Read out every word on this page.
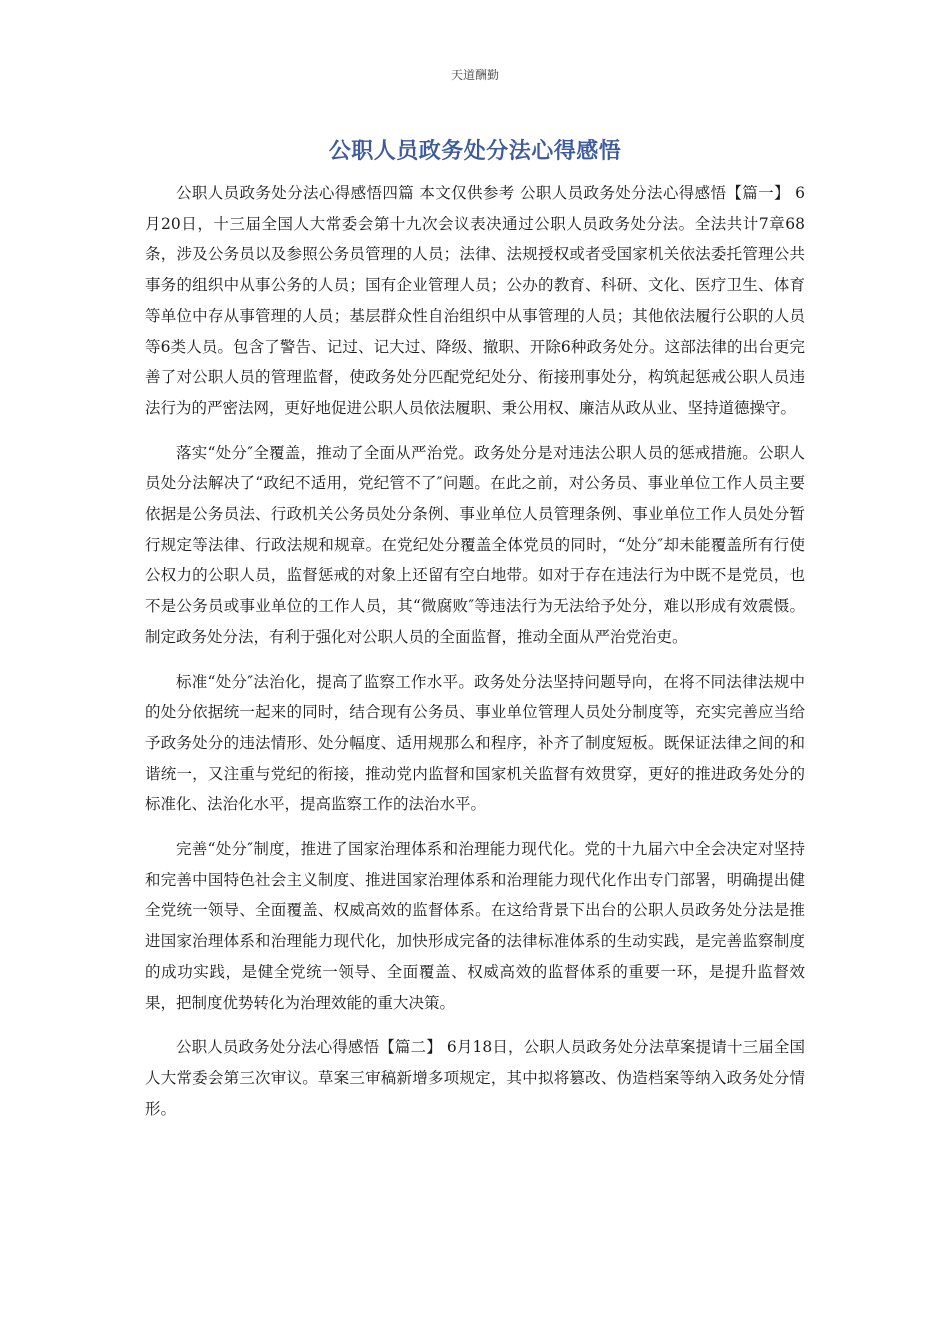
天道酬勤
公职人员政务处分法心得感悟

公职人员政务处分法心得感悟四篇 本文仅供参考 公职人员政务处分法心得感悟【篇一】 6月20日，十三届全国人大常委会第十九次会议表决通过公职人员政务处分法。全法共计7章68条，涉及公务员以及参照公务员管理的人员；法律、法规授权或者受国家机关依法委托管理公共事务的组织中从事公务的人员；国有企业管理人员；公办的教育、科研、文化、医疗卫生、体育等单位中存从事管理的人员；基层群众性自治组织中从事管理的人员；其他依法履行公职的人员等6类人员。包含了警告、记过、记大过、降级、撤职、开除6种政务处分。这部法律的出台更完善了对公职人员的管理监督，使政务处分匹配党纪处分、衔接刑事处分，构筑起惩戒公职人员违法行为的严密法网，更好地促进公职人员依法履职、秉公用权、廉洁从政从业、坚持道德操守。

落实“处分″全覆盖，推动了全面从严治党。政务处分是对违法公职人员的惩戒措施。公职人员处分法解决了“政纪不适用，党纪管不了″问题。在此之前，对公务员、事业单位工作人员主要依据是公务员法、行政机关公务员处分条例、事业单位人员管理条例、事业单位工作人员处分暂行规定等法律、行政法规和规章。在党纪处分覆盖全体党员的同时，“处分″却未能覆盖所有行使公权力的公职人员，监督惩戒的对象上还留有空白地带。如对于存在违法行为中既不是党员，也不是公务员或事业单位的工作人员，其“微腐败″等违法行为无法给予处分，难以形成有效震慑。制定政务处分法，有利于强化对公职人员的全面监督，推动全面从严治党治吏。

标准“处分″法治化，提高了监察工作水平。政务处分法坚持问题导向，在将不同法律法规中的处分依据统一起来的同时，结合现有公务员、事业单位管理人员处分制度等，充实完善应当给予政务处分的违法情形、处分幅度、适用规那么和程序，补齐了制度短板。既保证法律之间的和谐统一，又注重与党纪的衔接，推动党内监督和国家机关监督有效贯穿，更好的推进政务处分的标准化、法治化水平，提高监察工作的法治水平。

完善“处分″制度，推进了国家治理体系和治理能力现代化。党的十九届六中全会决定对坚持和完善中国特色社会主义制度、推进国家治理体系和治理能力现代化作出专门部署，明确提出健全党统一领导、全面覆盖、权威高效的监督体系。在这给背景下出台的公职人员政务处分法是推进国家治理体系和治理能力现代化，加快形成完备的法律标准体系的生动实践，是完善监察制度的成功实践，是健全党统一领导、全面覆盖、权威高效的监督体系的重要一环，是提升监督效果，把制度优势转化为治理效能的重大决策。

公职人员政务处分法心得感悟【篇二】 6月18日，公职人员政务处分法草案提请十三届全国人大常委会第三次审议。草案三审稿新增多项规定，其中拟将篡改、伪造档案等纳入政务处分情形。
